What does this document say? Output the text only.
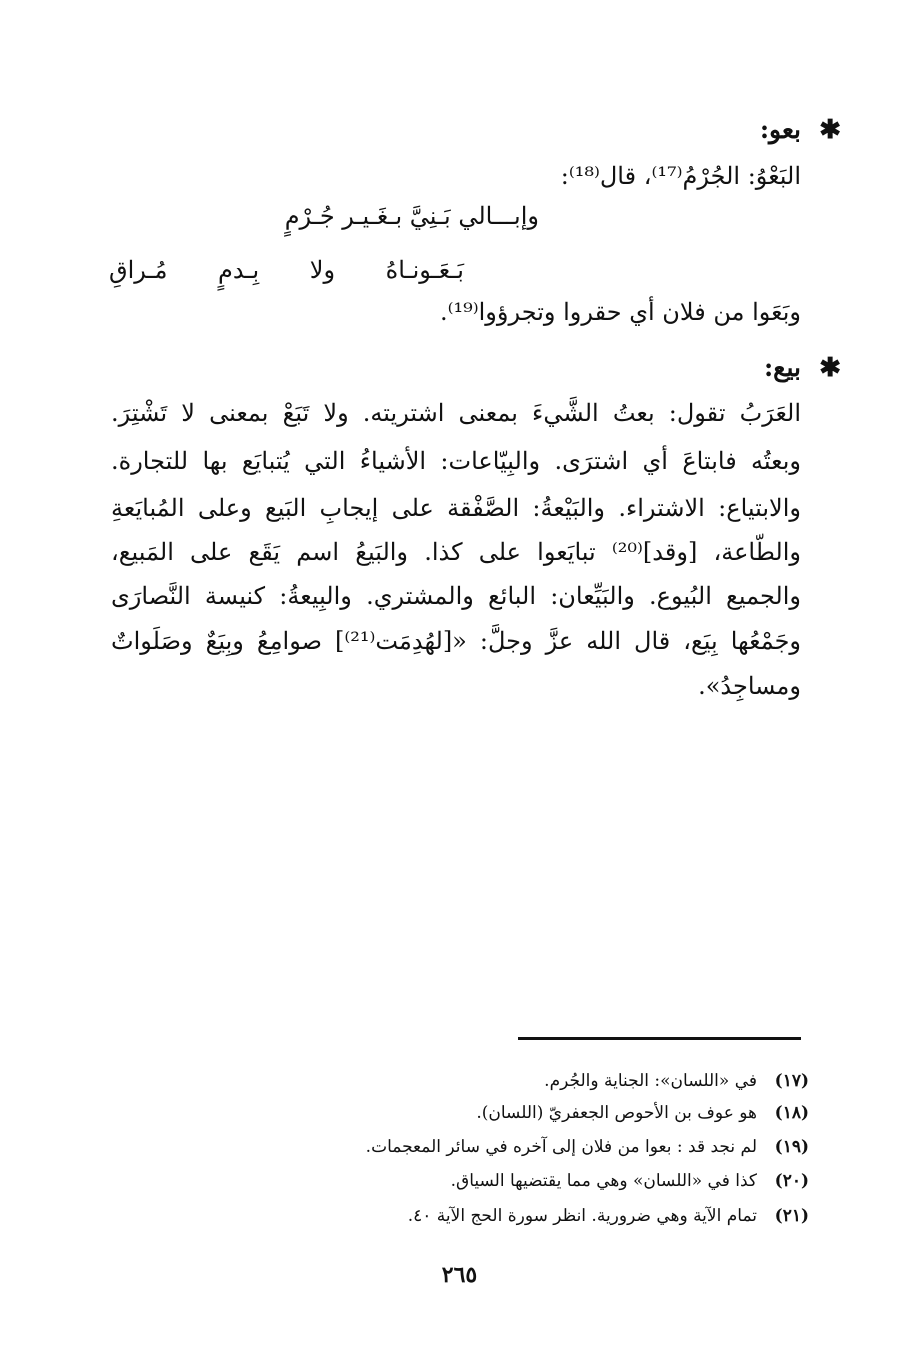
✱
بعو:
البَعْوُ: الجُرْمُ⁽¹⁷⁾، قال⁽¹⁸⁾:
وإبـــالي بَـنِيَّ بـغَـيـر جُـرْمٍ
بَـعَـونـاهُ ولا بِـدمٍ مُـراقِ
وبَعَوا من فلان أي حقروا وتجرؤوا⁽¹⁹⁾.
✱
بيع:
العَرَبُ تقول: بعتُ الشَّيءَ بمعنى اشتريته. ولا تَبَعْ بمعنى لا تَشْتِرَ.
وبعتُه فابتاعَ أي اشترَى. والبِيّاعات: الأشياءُ التي يُتبايَع بها للتجارة.
والابتياع: الاشتراء. والبَيْعةُ: الصَّفْقة على إيجابِ البَيع وعلى المُبايَعةِ
والطّاعة، [وقد]⁽²⁰⁾ تبايَعوا على كذا. والبَيعُ اسم يَقَع على المَبيع،
والجميع البُيوع. والبَيِّعان: البائع والمشتري. والبِيعةُ: كنيسة النَّصارَى
وجَمْعُها بِيَع، قال الله عزَّ وجلَّ: «[لهُدِمَت⁽²¹⁾] صوامِعُ وبِيَعٌ وصَلَواتٌ
ومساجِدُ».
(١٧)في «اللسان»: الجناية والجُرم.
(١٨)هو عوف بن الأحوص الجعفريّ (اللسان).
(١٩)لم نجد قد : بعوا من فلان إلى آخره في سائر المعجمات.
(٢٠)كذا في «اللسان» وهي مما يقتضيها السياق.
(٢١)تمام الآية وهي ضرورية. انظر سورة الحج الآية ٤٠.
٢٦٥
